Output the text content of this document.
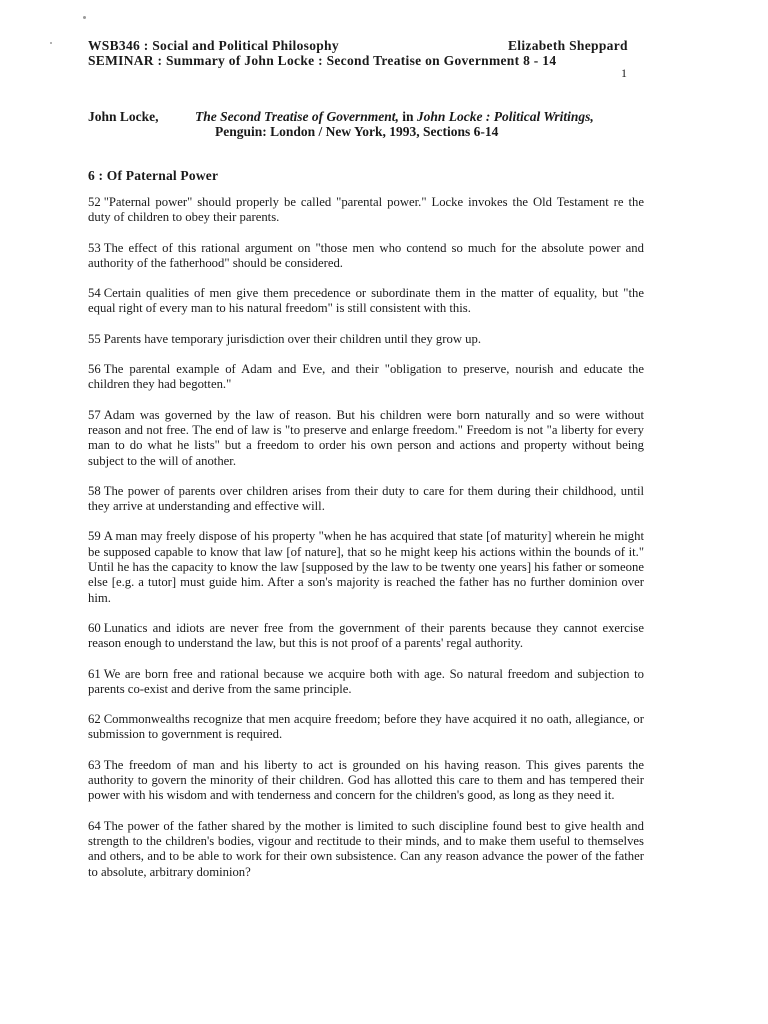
WSB346 : Social and Political Philosophy	Elizabeth Sheppard
SEMINAR : Summary of John Locke : Second Treatise on Government 8 - 14
1
John Locke,	The Second Treatise of Government, in John Locke : Political Writings,
Penguin: London / New York, 1993, Sections 6-14
6 : Of Paternal Power

52 "Paternal power" should properly be called "parental power." Locke invokes the Old Testament re the duty of children to obey their parents.

53 The effect of this rational argument on "those men who contend so much for the absolute power and authority of the fatherhood" should be considered.

54 Certain qualities of men give them precedence or subordinate them in the matter of equality, but "the equal right of every man to his natural freedom" is still consistent with this.

55 Parents have temporary jurisdiction over their children until they grow up.

56 The parental example of Adam and Eve, and their "obligation to preserve, nourish and educate the children they had begotten."

57 Adam was governed by the law of reason. But his children were born naturally and so were without reason and not free. The end of law is "to preserve and enlarge freedom." Freedom is not "a liberty for every man to do what he lists" but a freedom to order his own person and actions and property without being subject to the will of another.

58 The power of parents over children arises from their duty to care for them during their childhood, until they arrive at understanding and effective will.

59 A man may freely dispose of his property "when he has acquired that state [of maturity] wherein he might be supposed capable to know that law [of nature], that so he might keep his actions within the bounds of it." Until he has the capacity to know the law [supposed by the law to be twenty one years] his father or someone else [e.g. a tutor] must guide him. After a son's majority is reached the father has no further dominion over him.

60 Lunatics and idiots are never free from the government of their parents because they cannot exercise reason enough to understand the law, but this is not proof of a parents' regal authority.

61 We are born free and rational because we acquire both with age. So natural freedom and subjection to parents co-exist and derive from the same principle.

62 Commonwealths recognize that men acquire freedom; before they have acquired it no oath, allegiance, or submission to government is required.

63 The freedom of man and his liberty to act is grounded on his having reason. This gives parents the authority to govern the minority of their children. God has allotted this care to them and has tempered their power with his wisdom and with tenderness and concern for the children's good, as long as they need it.

64 The power of the father shared by the mother is limited to such discipline found best to give health and strength to the children's bodies, vigour and rectitude to their minds, and to make them useful to themselves and others, and to be able to work for their own subsistence. Can any reason advance the power of the father to absolute, arbitrary dominion?
